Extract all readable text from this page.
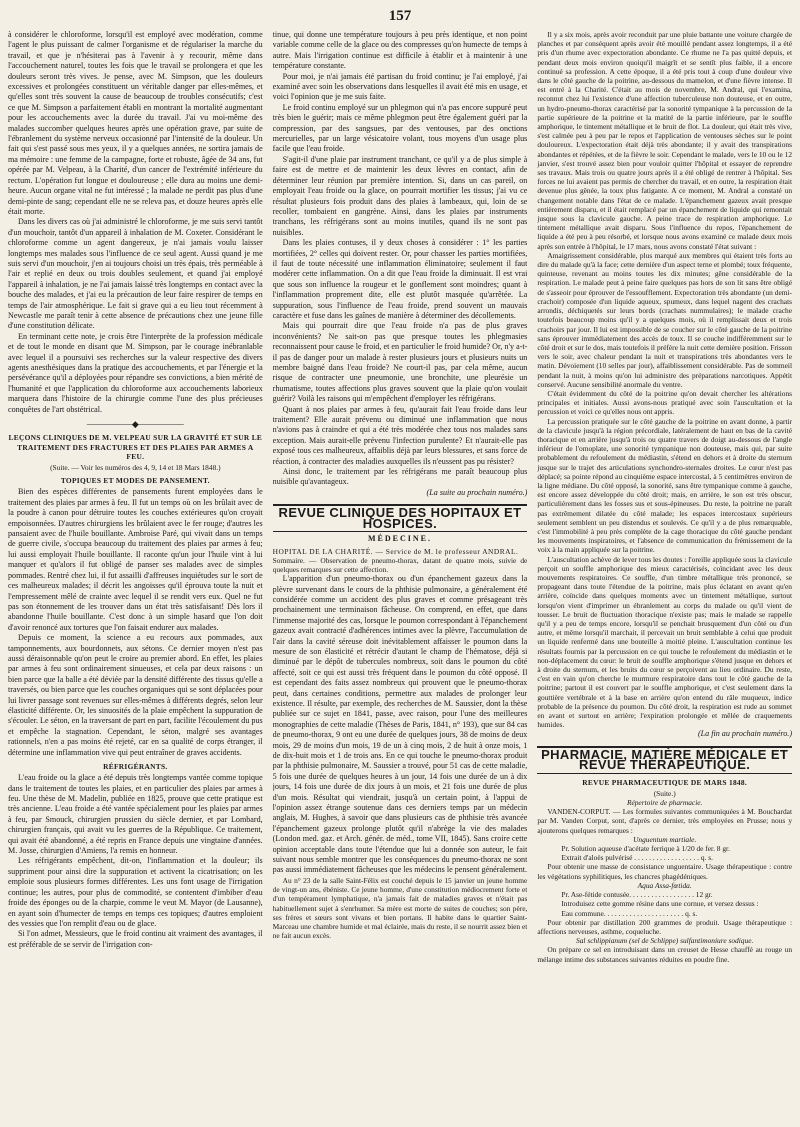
157

à considérer le chloroforme, lorsqu'il est employé avec modération, comme l'agent le plus puissant de calmer l'organisme et de régulariser la marche du travail, et que je n'hésiterai pas à l'avenir à y recourir, même dans l'accouchement naturel, toutes les fois que le travail se prolongera et que les douleurs seront très vives. Je pense, avec M. Simpson, que les douleurs excessives et prolongées constituent un véritable danger par elles-mêmes, et qu'elles sont très souvent la cause de beaucoup de troubles consécutifs; c'est ce que M. Simpson a parfaitement établi en montrant la mortalité augmentant pour les accouchements avec la durée du travail. J'ai vu moi-même des malades succomber quelques heures après une opération grave, par suite de l'ébranlement du système nerveux occasionné par l'intensité de la douleur. Un fait qui s'est passé sous mes yeux, il y a quelques années, ne sortira jamais de ma mémoire : une femme de la campagne, forte et robuste, âgée de 34 ans, fut opérée par M. Velpeau, à la Charité, d'un cancer de l'extrémité inférieure du rectum. L'opération fut longue et douloureuse ; elle dura au moins une demi-heure. Aucun organe vital ne fut intéressé ; la malade ne perdit pas plus d'une demi-pinte de sang; cependant elle ne se releva pas, et douze heures après elle était morte.

Dans les divers cas où j'ai administré le chloroforme, je me suis servi tantôt d'un mouchoir, tantôt d'un appareil à inhalation de M. Coxeter. Considérant le chloroforme comme un agent dangereux, je n'ai jamais voulu laisser longtemps mes malades sous l'influence de ce seul agent. Aussi quand je me suis servi d'un mouchoir, j'en ai toujours choisi un très épais, très perméable à l'air et replié en deux ou trois doubles seulement, et quand j'ai employé l'appareil à inhalation, je ne l'ai jamais laissé très longtemps en contact avec la bouche des malades, et j'ai eu la précaution de leur faire respirer de temps en temps de l'air atmosphérique. Le fait si grave qui a eu lieu tout récemment à Newcastle me paraît tenir à cette absence de précautions chez une jeune fille d'une constitution délicate.

En terminant cette note, je crois être l'interprète de la profession médicale et de tout le monde en disant que M. Simpson, par le courage inébranlable avec lequel il a poursuivi ses recherches sur la valeur respective des divers agents anesthésiques dans la pratique des accouchements, et par l'énergie et la persévérance qu'il a déployées pour répandre ses convictions, a bien mérité de l'humanité et que l'application du chloroforme aux accouchements laborieux marquera dans l'histoire de la chirurgie comme l'une des plus précieuses conquêtes de l'art obstétrical.

—————◆—————
LEÇONS CLINIQUES DE M. VELPEAU SUR LA GRAVITÉ ET SUR LE TRAITEMENT DES FRACTURES ET DES PLAIES PAR ARMES A FEU.
(Suite. — Voir les numéros des 4, 9, 14 et 18 Mars 1848.)
TOPIQUES ET MODES DE PANSEMENT.

Bien des espèces différentes de pansements furent employées dans le traitement des plaies par armes à feu. Il fut un temps où on les brûlait avec de la poudre à canon pour détruire toutes les couches extérieures qu'on croyait empoisonnées. D'autres chirurgiens les brûlaient avec le fer rouge; d'autres les pansaient avec de l'huile bouillante. Ambroise Paré, qui vivait dans un temps de guerre civile, s'occupa beaucoup du traitement des plaies par armes à feu; lui aussi employait l'huile bouillante. Il raconte qu'un jour l'huile vint à lui manquer et qu'alors il fut obligé de panser ses malades avec de simples pommades. Rentré chez lui, il fut assailli d'affreuses inquiétudes sur le sort de ces malheureux malades; il décrit les angoisses qu'il éprouva toute la nuit et l'empressement mêlé de crainte avec lequel il se rendit vers eux. Quel ne fut pas son étonnement de les trouver dans un état très satisfaisant! Dès lors il abandonne l'huile bouillante. C'est donc à un simple hasard que l'on doit d'avoir renoncé aux tortures que l'on faisait endurer aux malades.

Depuis ce moment, la science a eu recours aux pommades, aux tamponnements, aux bourdonnets, aux sétons. Ce dernier moyen n'est pas aussi déraisonnable qu'on peut le croire au premier abord. En effet, les plaies par armes à feu sont ordinairement sinueuses, et cela par deux raisons : un bien parce que la balle a été déviée par la densité différente des tissus qu'elle a traversés, ou bien parce que les couches organiques qui se sont déplacées pour lui livrer passage sont revenues sur elles-mêmes à différents degrés, selon leur élasticité différente. Or, les sinuosités de la plaie empêchent la suppuration de s'écouler. Le séton, en la traversant de part en part, facilite l'écoulement du pus et empêche la stagnation. Cependant, le séton, malgré ses avantages rationnels, n'en a pas moins été rejeté, car en sa qualité de corps étranger, il détermine une inflammation vive qui peut entraîner de graves accidents.

RÉFRIGÉRANTS.

L'eau froide ou la glace a été depuis très longtemps vantée comme topique dans le traitement de toutes les plaies, et en particulier des plaies par armes à feu. Une thèse de M. Madelin, publiée en 1825, prouve que cette pratique est très ancienne. L'eau froide a été vantée spécialement pour les plaies par armes à feu, par Smouck, chirurgien prussien du siècle dernier, et par Lombard, chirurgien français, qui avait vu les guerres de la République. Ce traitement, qui avait été abandonné, a été repris en France depuis une vingtaine d'années. M. Josse, chirurgien d'Amiens, l'a remis en honneur.

Les réfrigérants empêchent, dit-on, l'inflammation et la douleur; ils suppriment pour ainsi dire la suppuration et activent la cicatrisation; on les emploie sous plusieurs formes différentes. Les uns font usage de l'irrigation continue; les autres, pour plus de commodité, se contentent d'imbiber d'eau froide des éponges ou de la charpie, comme le veut M. Mayor (de Lausanne), en ayant soin d'humecter de temps en temps ces topiques; d'autres emploient des vessies que l'on remplit d'eau ou de glace.

Si l'on admet, Messieurs, que le froid continu ait vraiment des avantages, il est préférable de se servir de l'irrigation con-

tinue, qui donne une température toujours à peu près identique, et non point variable comme celle de la glace ou des compresses qu'on humecte de temps à autre. Mais l'irrigation continue est difficile à établir et à maintenir à une température constante.

Pour moi, je n'ai jamais été partisan du froid continu; je l'ai employé, j'ai examiné avec soin les observations dans lesquelles il avait été mis en usage, et voici l'opinion que je me suis faite.

Le froid continu employé sur un phlegmon qui n'a pas encore suppuré peut très bien le guérir; mais ce même phlegmon peut être également guéri par la compression, par des sangsues, par des ventouses, par des onctions mercurielles, par un large vésicatoire volant, tous moyens d'un usage plus facile que l'eau froide.

S'agit-il d'une plaie par instrument tranchant, ce qu'il y a de plus simple à faire est de mettre et de maintenir les deux lèvres en contact, afin de déterminer leur réunion par première intention. Si, dans un cas pareil, on employait l'eau froide ou la glace, on pourrait mortifier les tissus; j'ai vu ce résultat plusieurs fois produit dans des plaies à lambeaux, qui, loin de se recoller, tombaient en gangrène. Ainsi, dans les plaies par instruments tranchans, les réfrigérans sont au moins inutiles, quand ils ne sont pas nuisibles.

Dans les plaies contuses, il y deux choses à considérer : 1° les parties mortifiées, 2° celles qui doivent rester. Or, pour chasser les parties mortifiées, il faut de toute nécessité une inflammation éliminatoire; seulement il faut modérer cette inflammation. On a dit que l'eau froide la diminuait. Il est vrai que sous son influence la rougeur et le gonflement sont moindres; quant à l'inflammation proprement dite, elle est plutôt masquée qu'arrêtée. La suppuration, sous l'influence de l'eau froide, prend souvent un mauvais caractère et fuse dans les gaînes de manière à déterminer des décollements.

Mais qui pourrait dire que l'eau froide n'a pas de plus graves inconvénients? Ne sait-on pas que presque toutes les phlegmasies reconnaissent pour cause le froid, et en particulier le froid humide? Or, n'y a-t-il pas de danger pour un malade à rester plusieurs jours et plusieurs nuits un membre baigné dans l'eau froide? Ne court-il pas, par cela même, aucun risque de contracter une pneumonie, une bronchite, une pleurésie un rhumatisme, toutes affections plus graves souvent que la plaie qu'on voulait guérir? Voilà les raisons qui m'empêchent d'employer les réfrigérans.

Quant à nos plaies par armes à feu, qu'aurait fait l'eau froide dans leur traitement? Elle aurait prévenu ou diminué une inflammation que nous n'avions pas à craindre et qui a été très modérée chez tous nos malades sans exception. Mais aurait-elle prévenu l'infection purulente? Et n'aurait-elle pas exposé tous ces malheureux, affaiblis déjà par leurs blessures, et sans force de réaction, à contracter des maladies auxquelles ils n'eussent pas pu résister?

Ainsi donc, le traitement par les réfrigérans me paraît beaucoup plus nuisible qu'avantageux.

(La suite au prochain numéro.)
REVUE CLINIQUE DES HOPITAUX ET HOSPICES.
MÉDECINE.

HOPITAL DE LA CHARITÉ. — Service de M. le professeur ANDRAL.

Sommaire. — Observation de pneumo-thorax, datant de quatre mois, suivie de quelques remarques sur cette affection.

L'apparition d'un pneumo-thorax ou d'un épanchement gazeux dans la plèvre survenant dans le cours de la phthisie pulmonaire, a généralement été considérée comme un accident des plus graves et comme présageant très prochainement une terminaison fâcheuse. On comprend, en effet, que dans l'immense majorité des cas, lorsque le poumon correspondant à l'épanchement gazeux avait contracté d'adhérences intimes avec la plèvre, l'accumulation de l'air dans la cavité séreuse doit inévitablement affaisser le poumon dans la mesure de son élasticité et rétrécir d'autant le champ de l'hématose, déjà si diminué par le dépôt de tubercules nombreux, soit dans le poumon du côté affecté, soit ce qui est aussi très fréquent dans le poumon du côté opposé. Il est cependant des faits assez nombreux qui prouvent que le pneumo-thorax peut, dans certaines conditions, permettre aux malades de prolonger leur existence. Il résulte, par exemple, des recherches de M. Saussier, dont la thèse publiée sur ce sujet en 1841, passe, avec raison, pour l'une des meilleures monographies de cette maladie (Thèses de Paris, 1841, n° 193), que sur 84 cas de pneumo-thorax, 9 ont eu une durée de quelques jours, 38 de moins de deux mois, 29 de moins d'un mois, 19 de un à cinq mois, 2 de huit à onze mois, 1 de dix-huit mois et 1 de trois ans. En ce qui touche le pneumo-thorax produit par la phthisie pulmonaire, M. Saussier a trouvé, pour 51 cas de cette maladie, 5 fois une durée de quelques heures à un jour, 14 fois une durée de un à dix jours, 14 fois une durée de dix jours à un mois, et 21 fois une durée de plus d'un mois. Résultat qui viendrait, jusqu'à un certain point, à l'appui de l'opinion assez étrange soutenue dans ces derniers temps par un médecin anglais, M. Hughes, à savoir que dans plusieurs cas de phthisie très avancée l'épanchement gazeux prolonge plutôt qu'il n'abrège la vie des malades (London med. gaz. et Arch. génér. de méd., tome VII, 1845). Sans croire cette opinion acceptable dans toute l'étendue que lui a donnée son auteur, le fait suivant nous semble montrer que les conséquences du pneumo-thorax ne sont pas aussi immédiatement fâcheuses que les médecins le pensent généralement.

Au n° 23 de la salle Saint-Félix est couché depuis le 15 janvier un jeune homme de vingt-un ans, ébéniste. Ce jeune homme, d'une constitution médiocrement forte et d'un tempérament lymphatique, n'a jamais fait de maladies graves et n'était pas habituellement sujet à s'enrhumer. Sa mère est morte de suites de couches; son père, ses frères et sœurs sont vivans et bien portans. Il habite dans le quartier Saint-Marceau une chambre humide et mal éclairée, mais du reste, il se nourrit assez bien et ne fait aucun excès.

Il y a six mois, après avoir reconduit par une pluie battante une voiture chargée de planches et par conséquent après avoir été mouillé pendant assez longtemps, il a été pris d'un rhume avec expectoration abondante. Ce rhume ne l'a pas quitté depuis, et pendant deux mois environ quoiqu'il maigrît et se sentît plus faible, il a encore continué sa profession. A cette époque, il a été pris tout à coup d'une douleur vive dans le côté gauche de la poitrine, au-dessous du mamelon, et d'une fièvre intense. Il est entré à la Charité. C'était au mois de novembre, M. Andral, qui l'examina, reconnut chez lui l'existence d'une affection tuberculeuse non douteuse, et en outre, un hydro-pneumo-thorax caractérisé par la sonorité tympanique à la percussion de la partie supérieure de la poitrine et la matité de la partie inférieure, par le souffle amphorique, le tintement métallique et le bruit de flot. La douleur, qui était très vive, s'est calmée peu à peu par le repos et l'application de ventouses sèches sur le point douloureux. L'expectoration était déjà très abondante; il y avait des transpirations abondantes et répétées, et de la fièvre le soir. Cependant le malade, vers le 10 ou le 12 janvier, s'est trouvé assez bien pour vouloir quitter l'hôpital et essayer de reprendre ses travaux. Mais trois ou quatre jours après il a été obligé de rentrer à l'hôpital. Ses forces ne lui avaient pas permis de chercher du travail, et en outre, la respiration était devenue plus gênée, la toux plus fatigante. A ce moment, M. Andral a constaté un changement notable dans l'état de ce malade. L'épanchement gazeux avait presque entièrement disparu, et il était remplacé par un épanchement de liquide qui remontait jusque sous la clavicule gauche. A peine trace de respiration amphorique. Le tintement métallique avait disparu. Sous l'influence du repos, l'épanchement de liquide a été peu à peu résorbé, et lorsque nous avons examiné ce malade deux mois après son entrée à l'hôpital, le 17 mars, nous avons constaté l'état suivant :

Amaigrissement considérable, plus marqué aux membres qui étaient très forts au dire du malade qu'à la face; cette dernière d'un aspect terne et plombé; toux fréquente, quinteuse, revenant au moins toutes les dix minutes; gêne considérable de la respiration. Le malade peut à peine faire quelques pas hors de son lit sans être obligé de s'asseoir pour éprouver de l'essoufflement. Expectoration très abondante (un demi-crachoir) composée d'un liquide aqueux, spumeux, dans lequel nagent des crachats arrondis, déchiquetés sur leurs bords (crachats nummulaires); le malade crache toutefois beaucoup moins qu'il y a quelques mois, où il remplissait deux et trois crachoirs par jour. Il lui est impossible de se coucher sur le côté gauche de la poitrine sans éprouver immédiatement des accès de toux. Il se couche indifféremment sur le côté droit et sur le dos, mais toutefois il préfère la nuit cette dernière position. Frisson vers le soir, avec chaleur pendant la nuit et transpirations très abondantes vers le matin. Dévoiement (10 selles par jour), affaiblissement considérable. Pas de sommeil pendant la nuit, à moins qu'on lui administre des préparations narcotiques. Appétit conservé. Aucune sensibilité anormale du ventre.

C'était évidemment du côté de la poitrine qu'on devait chercher les altérations principales et initiales. Aussi avons-nous pratiqué avec soin l'auscultation et la percussion et voici ce qu'elles nous ont appris.

La percussion pratiquée sur le côté gauche de la poitrine en avant donne, à partir de la clavicule jusqu'à la région précordiale, latéralement de haut en bas de la cavité thoracique et en arrière jusqu'à trois ou quatre travers de doigt au-dessous de l'angle inférieur de l'omoplate, une sonorité tympanique non douteuse, mais qui, par suite probablement du refoulement du médiastin, s'étend en dehors et à droite du sternum jusque sur le trajet des articulations synchondro-sternales droites. Le cœur n'est pas déplacé; sa pointe répond au cinquième espace intercostal, à 5 centimètres environ de la ligne médiane. Du côté opposé, la sonorité, sans être tympanique comme à gauche, est encore assez développée du côté droit; mais, en arrière, le son est très obscur, particulièrement dans les fosses sus et sous-épineuses. Du reste, la poitrine ne paraît pas extrêmement dilatée du côté malade; les espaces intercostaux supérieurs seulement semblent un peu distendus et soulevés. Ce qu'il y a de plus remarquable, c'est l'immobilité à peu près complète de la cage thoracique du côté gauche pendant les mouvements inspiratoires, et l'absence de communication du frémissement de la voix à la main appliquée sur la poitrine.

L'auscultation achève de lever tous les doutes : l'oreille appliquée sous la clavicule perçoit un souffle amphorique des mieux caractérisés, coïncidant avec les deux mouvements respiratoires. Ce souffle, d'un timbre métallique très prononcé, se propageant dans toute l'étendue de la poitrine, mais plus éclatant en avant qu'en arrière, coïncide dans quelques moments avec un tintement métallique, surtout lorsqu'on vient d'imprimer un ébranlement au corps du malade ou qu'il vient de tousser. Le bruit de fluctuation thoracique n'existe pas; mais le malade se rappelle qu'il y a peu de temps encore, lorsqu'il se penchait brusquement d'un côté ou d'un autre, et même lorsqu'il marchait, il percevait un bruit semblable à celui que produit un liquide renfermé dans une bouteille à moitié pleine. L'auscultation continue les résultats fournis par la percussion en ce qui touche le refoulement du médiastin et le non-déplacement du cœur: le bruit de souffle amphorique s'étend jusque en dehors et à droite du sternum, et les bruits du cœur se perçoivent au lieu ordinaire. Du reste, c'est en vain qu'on cherche le murmure respiratoire dans tout le côté gauche de la poitrine; partout il est couvert par le souffle amphorique, et c'est seulement dans la gouttière vertébrale et à la base en arrière qu'on entend du râle muqueux, indice probable de la présence du poumon. Du côté droit, la respiration est rude au sommet en avant et surtout en arrière; l'expiration prolongée et mêlée de craquements humides.

(La fin au prochain numéro.)
PHARMACIE, MATIÈRE MÉDICALE ET REVUE THÉRAPEUTIQUE.
REVUE PHARMACEUTIQUE DE MARS 1848.
(Suite.)
Répertoire de pharmacie.

VANDEN-CORPUT. — Les formules suivantes communiquées à M. Bouchardat par M. Vanden Corput, sont, d'après ce dernier, très employées en Prusse; nous y ajouterons quelques remarques :

Unguentum martiale.

Pr. Solution aqueuse d'acétate ferrique à 1/20 de fer. 8 gr.

Extrait d'aloès pulvérisé . . . . . . . . . . . . . . . . . . q. s.

Pour obtenir une masse de consistance unguentaire. Usage thérapeutique : contre les végétations syphilitiques, les chancres phagédéniques.

Aqua Assa-fœtida.

Pr. Ase-fétide contusée. . . . . . . . . . . . . . . . . . 12 gr.

Introduisez cette gomme résine dans une cornue, et versez dessus :

Eau commune. . . . . . . . . . . . . . . . . . . . . . q. s.

Pour obtenir par distillation 200 grammes de produit. Usage thérapeutique : affections nerveuses, asthme, coqueluche.

Sal schlippianum (sel de Schlippe) sulfantimoniure sodique.

On prépare ce sel en introduisant dans un creuset de Hesse chauffé au rouge un mélange intime des substances suivantes réduites en poudre fine.
